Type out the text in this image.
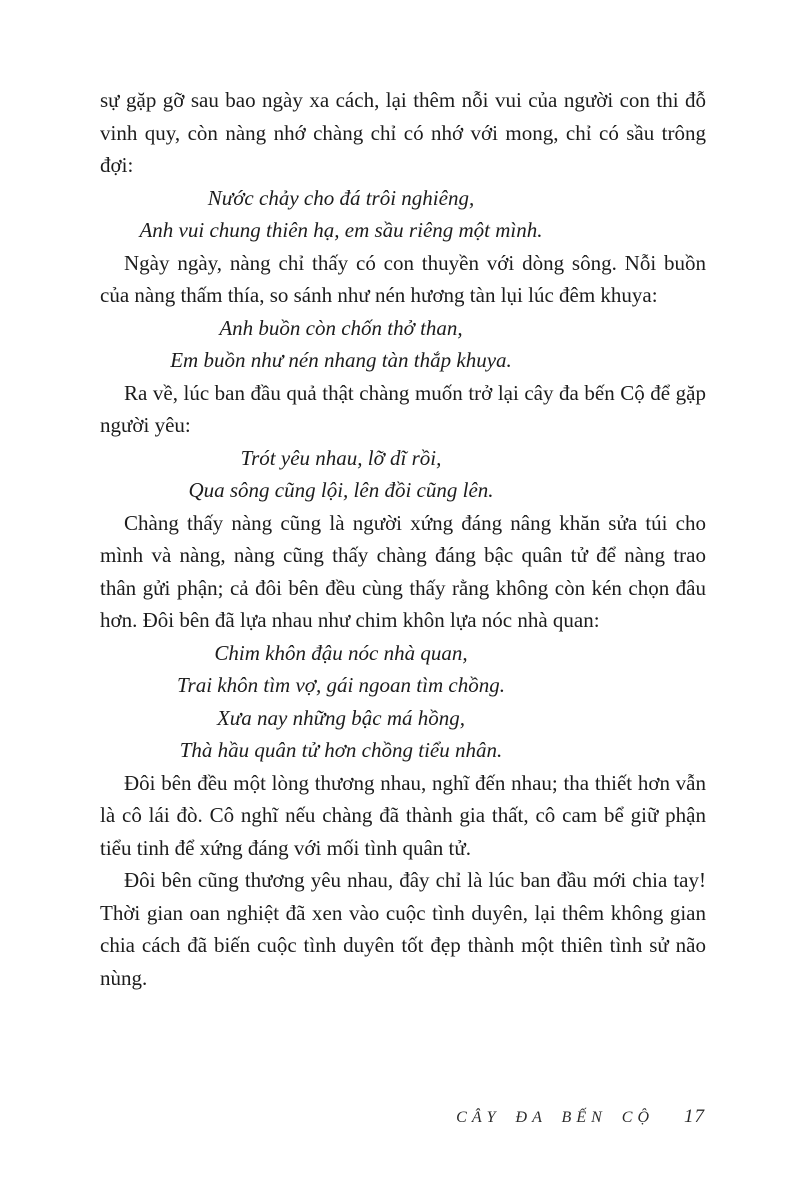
sự gặp gỡ sau bao ngày xa cách, lại thêm nỗi vui của người con thi đỗ vinh quy, còn nàng nhớ chàng chỉ có nhớ với mong, chỉ có sầu trông đợi:

Nước chảy cho đá trôi nghiêng,
Anh vui chung thiên hạ, em sầu riêng một mình.

Ngày ngày, nàng chỉ thấy có con thuyền với dòng sông. Nỗi buồn của nàng thấm thía, so sánh như nén hương tàn lụi lúc đêm khuya:

Anh buồn còn chốn thở than,
Em buồn như nén nhang tàn thắp khuya.

Ra về, lúc ban đầu quả thật chàng muốn trở lại cây đa bến Cộ để gặp người yêu:

Trót yêu nhau, lỡ dĩ rồi,
Qua sông cũng lội, lên đồi cũng lên.

Chàng thấy nàng cũng là người xứng đáng nâng khăn sửa túi cho mình và nàng, nàng cũng thấy chàng đáng bậc quân tử để nàng trao thân gửi phận; cả đôi bên đều cùng thấy rằng không còn kén chọn đâu hơn. Đôi bên đã lựa nhau như chim khôn lựa nóc nhà quan:

Chim khôn đậu nóc nhà quan,
Trai khôn tìm vợ, gái ngoan tìm chồng.
Xưa nay những bậc má hồng,
Thà hầu quân tử hơn chồng tiểu nhân.

Đôi bên đều một lòng thương nhau, nghĩ đến nhau; tha thiết hơn vẫn là cô lái đò. Cô nghĩ nếu chàng đã thành gia thất, cô cam bể giữ phận tiểu tinh để xứng đáng với mối tình quân tử.

Đôi bên cũng thương yêu nhau, đây chỉ là lúc ban đầu mới chia tay! Thời gian oan nghiệt đã xen vào cuộc tình duyên, lại thêm không gian chia cách đã biến cuộc tình duyên tốt đẹp thành một thiên tình sử não nùng.

CÂY ĐA BẾN CỘ 17
